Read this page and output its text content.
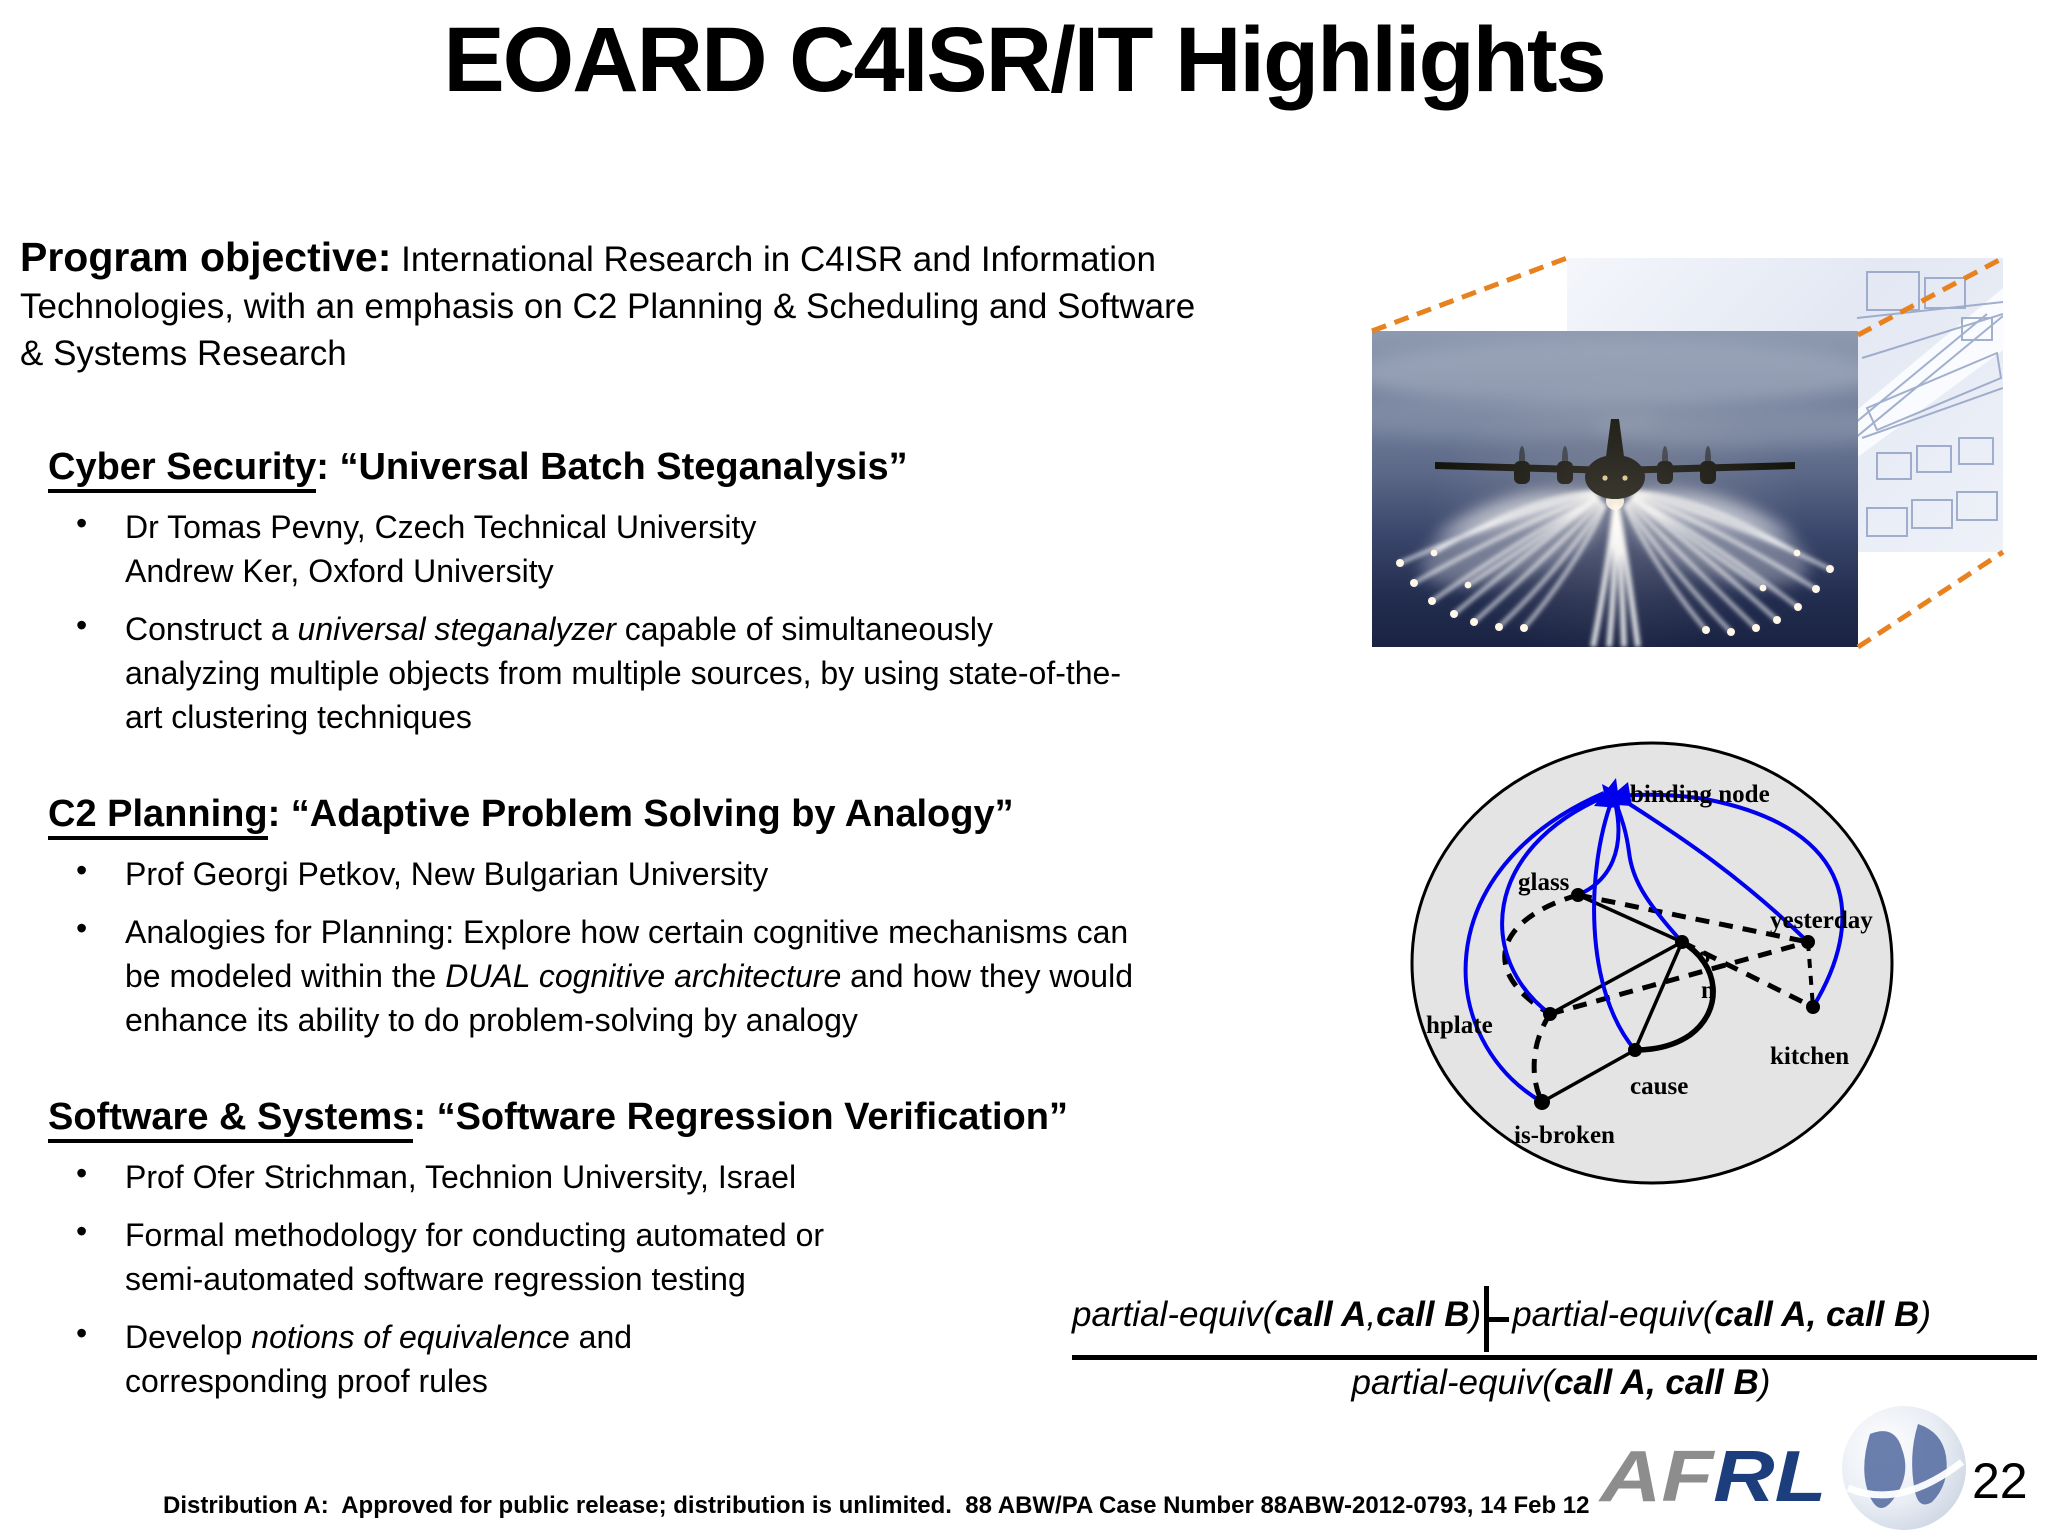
EOARD C4ISR/IT Highlights
Program objective: International Research in C4ISR and Information
Technologies, with an emphasis on C2 Planning & Scheduling and Software
& Systems Research
Cyber Security: “Universal Batch Steganalysis”
• Dr Tomas Pevny, Czech Technical University
Andrew Ker, Oxford University
• Construct a universal steganalyzer capable of simultaneously
analyzing multiple objects from multiple sources, by using state-of-the-
art clustering techniques
C2 Planning: “Adaptive Problem Solving by Analogy”
• Prof Georgi Petkov, New Bulgarian University
• Analogies for Planning: Explore how certain cognitive mechanisms can
be modeled within the DUAL cognitive architecture and how they would
enhance its ability to do problem-solving by analogy
Software & Systems: “Software Regression Verification”
• Prof Ofer Strichman, Technion University, Israel
• Formal methodology for conducting automated or
semi-automated software regression testing
• Develop notions of equivalence and
corresponding proof rules
binding node
glass
yesterday
hplate
kitchen
cause
is-broken
o
n
partial-equiv( call A , call B ) partial-equiv( call A, call B )
partial-equiv(call A, call B)
Distribution A:  Approved for public release; distribution is unlimited.  88 ABW/PA Case Number 88ABW-2012-0793, 14 Feb 12 AFRL	22
